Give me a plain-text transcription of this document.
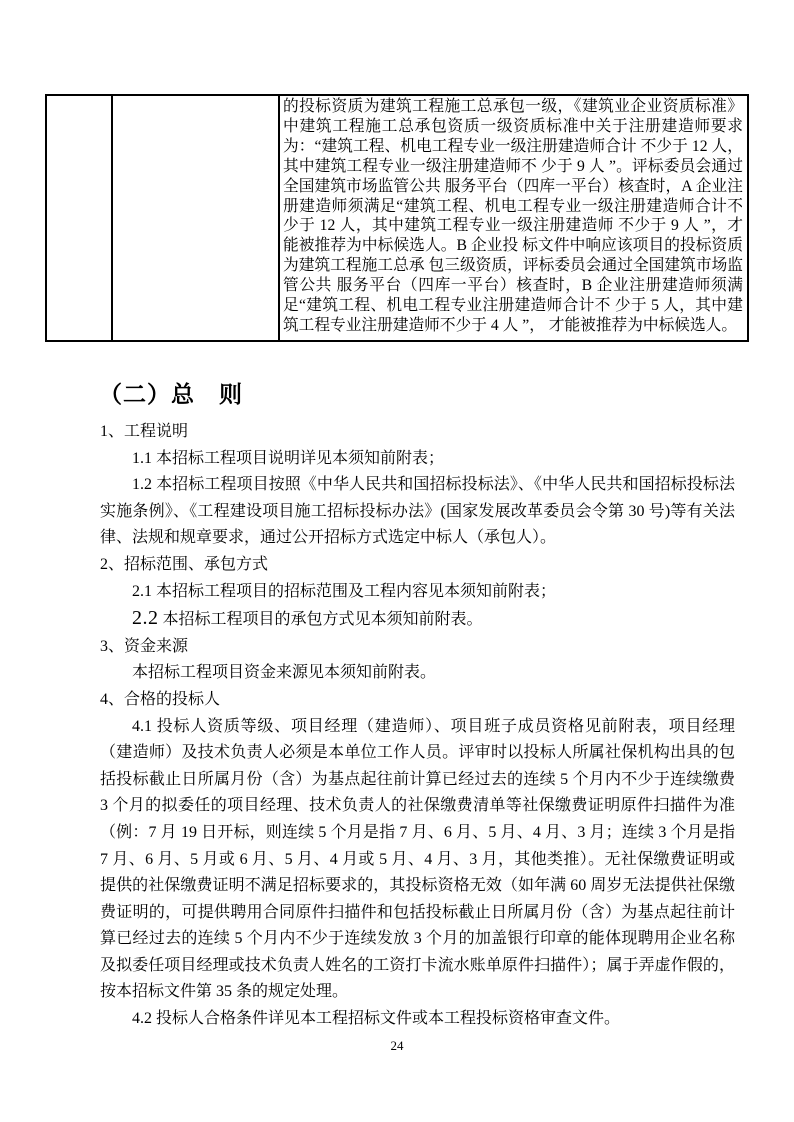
		的投标资质为建筑工程施工总承包一级，《建筑业企业资质标准》中建筑工程施工总承包资质一级资质标准中关于注册建造师要求为：“建筑工程、机电工程专业一级注册建造师合计 不少于 12 人，其中建筑工程专业一级注册建造师不 少于 9 人 ”。评标委员会通过全国建筑市场监管公共 服务平台（四库一平台）核查时，A 企业注册建造师须满足“建筑工程、机电工程专业一级注册建造师合计不少于 12 人，其中建筑工程专业一级注册建造师 不少于 9 人 ”，才能被推荐为中标候选人。B 企业投 标文件中响应该项目的投标资质为建筑工程施工总承 包三级资质，评标委员会通过全国建筑市场监管公共 服务平台（四库一平台）核查时，B 企业注册建造师须满足“建筑工程、机电工程专业注册建造师合计不 少于 5 人，其中建筑工程专业注册建造师不少于 4 人 ”， 才能被推荐为中标候选人。
（二）总　则

1、工程说明

1.1 本招标工程项目说明详见本须知前附表；

1.2 本招标工程项目按照《中华人民共和国招标投标法》、《中华人民共和国招标投标法实施条例》、《工程建设项目施工招标投标办法》(国家发展改革委员会令第 30 号)等有关法律、法规和规章要求，通过公开招标方式选定中标人（承包人）。

2、招标范围、承包方式

2.1 本招标工程项目的招标范围及工程内容见本须知前附表；

2.2 本招标工程项目的承包方式见本须知前附表。

3、资金来源

本招标工程项目资金来源见本须知前附表。

4、合格的投标人

4.1 投标人资质等级、项目经理（建造师）、项目班子成员资格见前附表，项目经理（建造师）及技术负责人必须是本单位工作人员。评审时以投标人所属社保机构出具的包括投标截止日所属月份（含）为基点起往前计算已经过去的连续 5 个月内不少于连续缴费 3 个月的拟委任的项目经理、技术负责人的社保缴费清单等社保缴费证明原件扫描件为准（例：7 月 19 日开标，则连续 5 个月是指 7 月、6 月、5 月、4 月、3 月；连续 3 个月是指 7 月、6 月、5 月或 6 月、5 月、4 月或 5 月、4 月、3 月，其他类推）。无社保缴费证明或提供的社保缴费证明不满足招标要求的，其投标资格无效（如年满 60 周岁无法提供社保缴费证明的，可提供聘用合同原件扫描件和包括投标截止日所属月份（含）为基点起往前计算已经过去的连续 5 个月内不少于连续发放 3 个月的加盖银行印章的能体现聘用企业名称及拟委任项目经理或技术负责人姓名的工资打卡流水账单原件扫描件）；属于弄虚作假的，按本招标文件第 35 条的规定处理。

4.2 投标人合格条件详见本工程招标文件或本工程投标资格审查文件。

24
